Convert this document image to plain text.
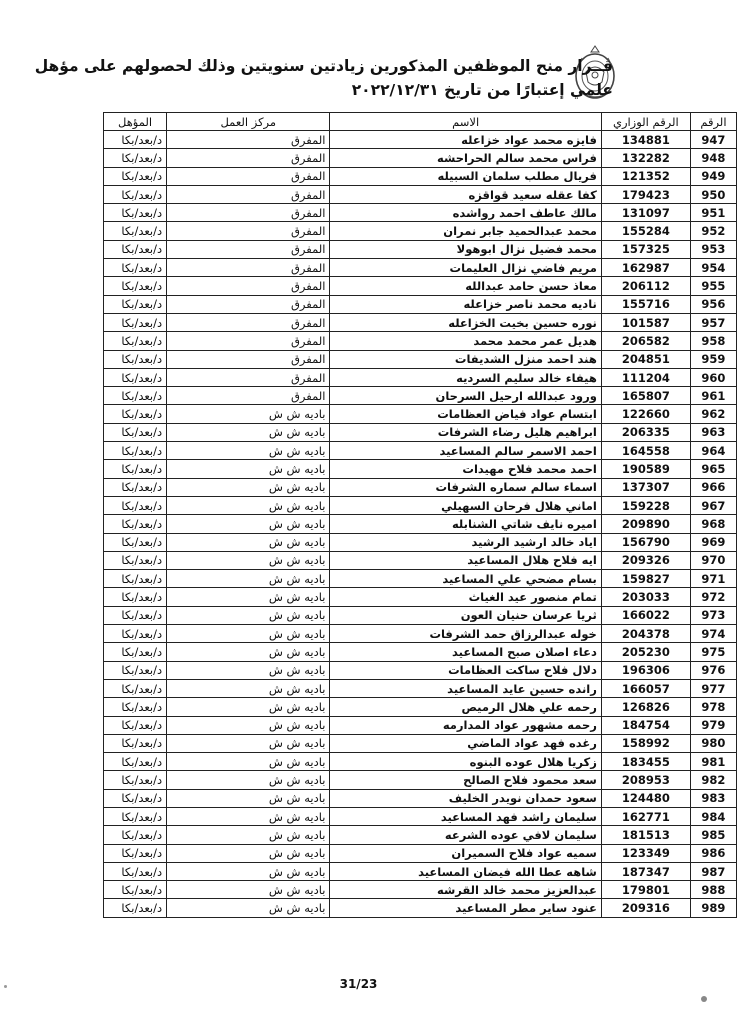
قــرار منح الموظفين المذكورين زيادتين سنويتين وذلك لحصولهم على مؤهل
علمي إعتبارًا من تاريخ ٢٠٢٢/١٢/٣١
الرقم	الرقم الوزاري	الاسم	مركز العمل	المؤهل
947	134881	فايزه محمد عواد خزاعله	المفرق	د/بعد/بكا
948	132282	فراس محمد سالم الحراحشه	المفرق	د/بعد/بكا
949	121352	فريال مطلب سلمان السبيله	المفرق	د/بعد/بكا
950	179423	كفا عقله سعيد قواقزه	المفرق	د/بعد/بكا
951	131097	مالك عاطف احمد رواشده	المفرق	د/بعد/بكا
952	155284	محمد عبدالحميد جابر نمران	المفرق	د/بعد/بكا
953	157325	محمد فضيل نزال ابوهولا	المفرق	د/بعد/بكا
954	162987	مريم فاضي نزال العليمات	المفرق	د/بعد/بكا
955	206112	معاذ حسن حامد عبدالله	المفرق	د/بعد/بكا
956	155716	ناديه محمد ناصر خزاعله	المفرق	د/بعد/بكا
957	101587	نوره حسين بخيت الخزاعله	المفرق	د/بعد/بكا
958	206582	هديل عمر محمد محمد	المفرق	د/بعد/بكا
959	204851	هند احمد منزل الشديفات	المفرق	د/بعد/بكا
960	111204	هيفاء خالد سليم السرديه	المفرق	د/بعد/بكا
961	165807	ورود عبدالله ارحيل السرحان	المفرق	د/بعد/بكا
962	122660	ابتسام عواد فياض العظامات	باديه ش ش	د/بعد/بكا
963	206335	ابراهيم هليل رضاء الشرفات	باديه ش ش	د/بعد/بكا
964	164558	احمد الاسمر سالم المساعيد	باديه ش ش	د/بعد/بكا
965	190589	احمد محمد فلاح مهيدات	باديه ش ش	د/بعد/بكا
966	137307	اسماء سالم سماره الشرفات	باديه ش ش	د/بعد/بكا
967	159228	اماني هلال فرحان السهيلي	باديه ش ش	د/بعد/بكا
968	209890	اميره نايف شاتي الشنابله	باديه ش ش	د/بعد/بكا
969	156790	اياد خالد ارشيد الرشيد	باديه ش ش	د/بعد/بكا
970	209326	ايه فلاح هلال المساعيد	باديه ش ش	د/بعد/بكا
971	159827	بسام مضحي علي المساعيد	باديه ش ش	د/بعد/بكا
972	203033	تمام منصور عيد الغياث	باديه ش ش	د/بعد/بكا
973	166022	ثريا عرسان حنيان العون	باديه ش ش	د/بعد/بكا
974	204378	خوله عبدالرزاق حمد الشرفات	باديه ش ش	د/بعد/بكا
975	205230	دعاء اصلان صبح المساعيد	باديه ش ش	د/بعد/بكا
976	196306	دلال فلاح ساكت العظامات	باديه ش ش	د/بعد/بكا
977	166057	رانده حسين عايد المساعيد	باديه ش ش	د/بعد/بكا
978	126826	رحمه علي هلال الرميص	باديه ش ش	د/بعد/بكا
979	184754	رحمه مشهور عواد المدارمه	باديه ش ش	د/بعد/بكا
980	158992	رغده فهد عواد الماضي	باديه ش ش	د/بعد/بكا
981	183455	زكريا هلال عوده البنوه	باديه ش ش	د/بعد/بكا
982	208953	سعد محمود فلاح الصالح	باديه ش ش	د/بعد/بكا
983	124480	سعود حمدان نويدر الخليف	باديه ش ش	د/بعد/بكا
984	162771	سليمان راشد فهد المساعيد	باديه ش ش	د/بعد/بكا
985	181513	سليمان لافي عوده الشرعه	باديه ش ش	د/بعد/بكا
986	123349	سميه عواد فلاح السميران	باديه ش ش	د/بعد/بكا
987	187347	شاهه عطا الله فيضان المساعيد	باديه ش ش	د/بعد/بكا
988	179801	عبدالعزيز محمد خالد القرشه	باديه ش ش	د/بعد/بكا
989	209316	عنود ساير مطر المساعيد	باديه ش ش	د/بعد/بكا
31/23
